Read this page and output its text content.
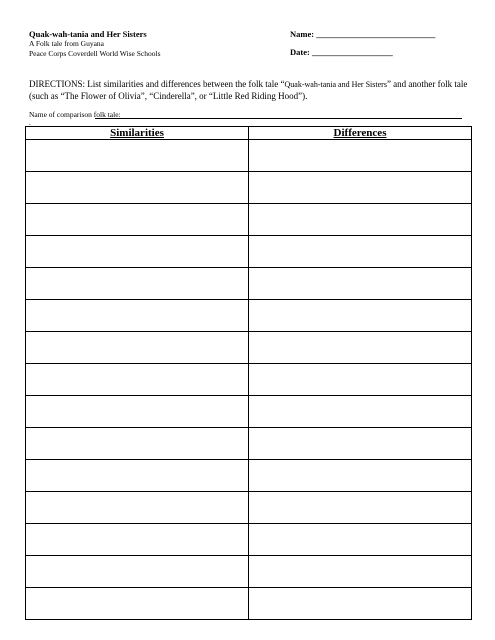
Quak-wah-tania and Her Sisters
A Folk tale from Guyana
Peace Corps Coverdell World Wise Schools
Name: ____________________________
Date: ___________________
DIRECTIONS: List similarities and differences between the folk tale “Quak-wah-tania and Her Sisters” and another folk tale (such as “The Flower of Olivia”, “Cinderella”, or “Little Red Riding Hood”).
Name of comparison folk tale:
.
Similarities	Differences
